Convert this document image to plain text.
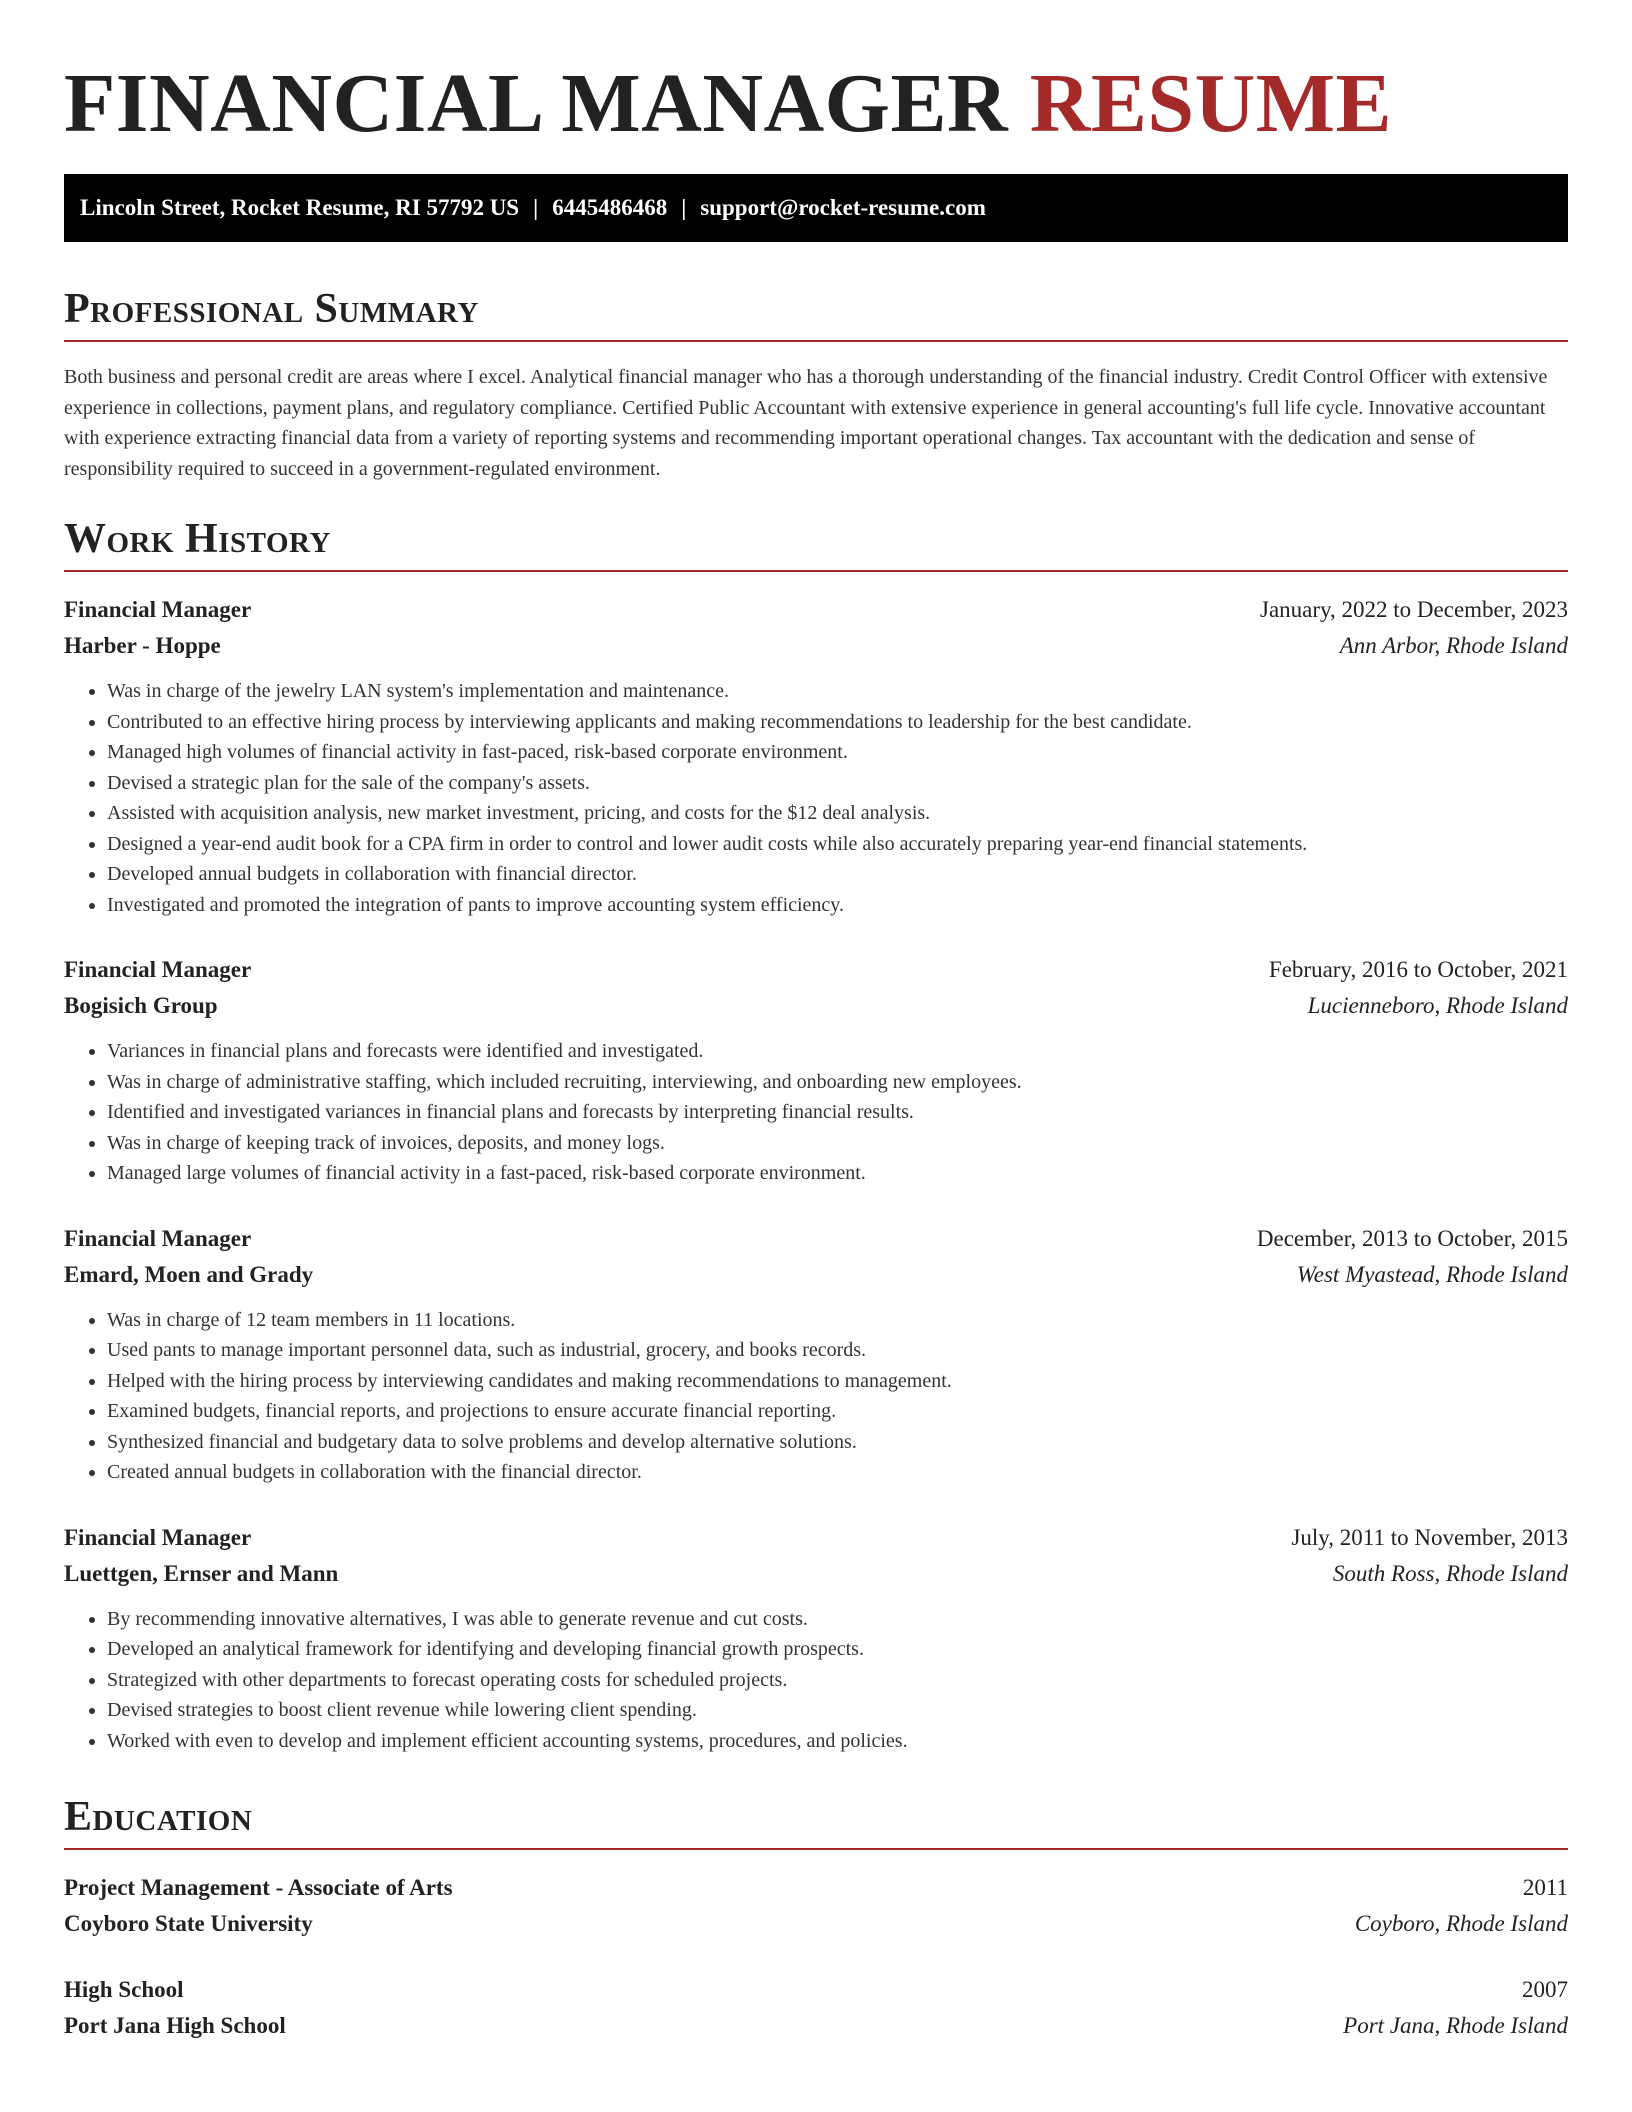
FINANCIAL MANAGER RESUME
Lincoln Street, Rocket Resume, RI 57792 US | 6445486468 | support@rocket-resume.com
Professional Summary
Both business and personal credit are areas where I excel. Analytical financial manager who has a thorough understanding of the financial industry. Credit Control Officer with extensive experience in collections, payment plans, and regulatory compliance. Certified Public Accountant with extensive experience in general accounting's full life cycle. Innovative accountant with experience extracting financial data from a variety of reporting systems and recommending important operational changes. Tax accountant with the dedication and sense of responsibility required to succeed in a government-regulated environment.
Work History
Financial Manager	January, 2022 to December, 2023
Harber - Hoppe	Ann Arbor, Rhode Island
• Was in charge of the jewelry LAN system's implementation and maintenance.
• Contributed to an effective hiring process by interviewing applicants and making recommendations to leadership for the best candidate.
• Managed high volumes of financial activity in fast-paced, risk-based corporate environment.
• Devised a strategic plan for the sale of the company's assets.
• Assisted with acquisition analysis, new market investment, pricing, and costs for the $12 deal analysis.
• Designed a year-end audit book for a CPA firm in order to control and lower audit costs while also accurately preparing year-end financial statements.
• Developed annual budgets in collaboration with financial director.
• Investigated and promoted the integration of pants to improve accounting system efficiency.
Financial Manager	February, 2016 to October, 2021
Bogisich Group	Lucienneboro, Rhode Island
• Variances in financial plans and forecasts were identified and investigated.
• Was in charge of administrative staffing, which included recruiting, interviewing, and onboarding new employees.
• Identified and investigated variances in financial plans and forecasts by interpreting financial results.
• Was in charge of keeping track of invoices, deposits, and money logs.
• Managed large volumes of financial activity in a fast-paced, risk-based corporate environment.
Financial Manager	December, 2013 to October, 2015
Emard, Moen and Grady	West Myastead, Rhode Island
• Was in charge of 12 team members in 11 locations.
• Used pants to manage important personnel data, such as industrial, grocery, and books records.
• Helped with the hiring process by interviewing candidates and making recommendations to management.
• Examined budgets, financial reports, and projections to ensure accurate financial reporting.
• Synthesized financial and budgetary data to solve problems and develop alternative solutions.
• Created annual budgets in collaboration with the financial director.
Financial Manager	July, 2011 to November, 2013
Luettgen, Ernser and Mann	South Ross, Rhode Island
• By recommending innovative alternatives, I was able to generate revenue and cut costs.
• Developed an analytical framework for identifying and developing financial growth prospects.
• Strategized with other departments to forecast operating costs for scheduled projects.
• Devised strategies to boost client revenue while lowering client spending.
• Worked with even to develop and implement efficient accounting systems, procedures, and policies.
Education
Project Management - Associate of Arts	2011
Coyboro State University	Coyboro, Rhode Island
High School	2007
Port Jana High School	Port Jana, Rhode Island
